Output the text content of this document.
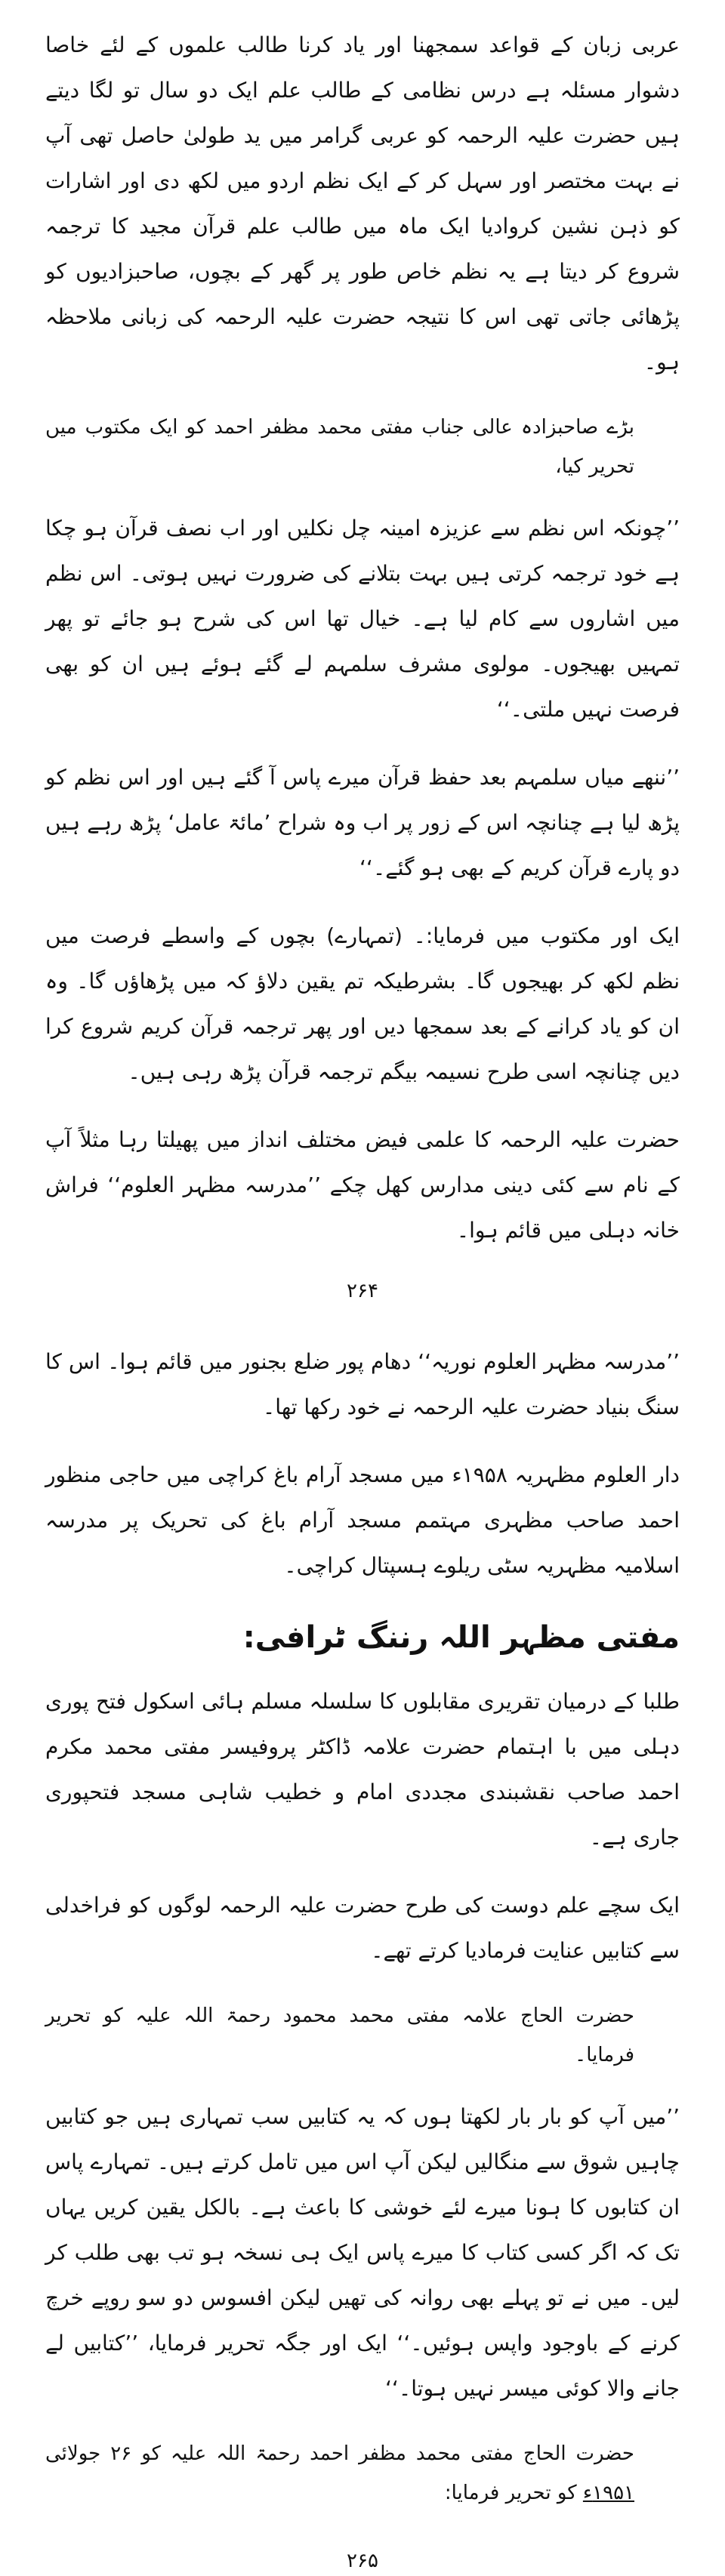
عربی زبان کے قواعد سمجھنا اور یاد کرنا طالب علموں کے لئے خاصا دشوار مسئلہ ہے درس نظامی کے طالب علم ایک دو سال تو لگا دیتے ہیں حضرت علیہ الرحمہ کو عربی گرامر میں ید طولیٰ حاصل تھی آپ نے بہت مختصر اور سہل کر کے ایک نظم اردو میں لکھ دی اور اشارات کو ذہن نشین کروادیا ایک ماہ میں طالب علم قرآن مجید کا ترجمہ شروع کر دیتا ہے یہ نظم خاص طور پر گھر کے بچوں، صاحبزادیوں کو پڑھائی جاتی تھی اس کا نتیجہ حضرت علیہ الرحمہ کی زبانی ملاحظہ ہو۔

بڑے صاحبزادہ عالی جناب مفتی محمد مظفر احمد کو ایک مکتوب میں تحریر کیا،

’’چونکہ اس نظم سے عزیزہ امینہ چل نکلیں اور اب نصف قرآن ہو چکا ہے خود ترجمہ کرتی ہیں بہت بتلانے کی ضرورت نہیں ہوتی۔ اس نظم میں اشاروں سے کام لیا ہے۔ خیال تھا اس کی شرح ہو جائے تو پھر تمہیں بھیجوں۔ مولوی مشرف سلمہم لے گئے ہوئے ہیں ان کو بھی فرصت نہیں ملتی۔‘‘

’’ننھے میاں سلمہم بعد حفظ قرآن میرے پاس آ گئے ہیں اور اس نظم کو پڑھ لیا ہے چنانچہ اس کے زور پر اب وہ شراح ’مائۃ عامل‘ پڑھ رہے ہیں دو پارے قرآن کریم کے بھی ہو گئے۔‘‘

ایک اور مکتوب میں فرمایا:۔ (تمہارے) بچوں کے واسطے فرصت میں نظم لکھ کر بھیجوں گا۔ بشرطیکہ تم یقین دلاؤ کہ میں پڑھاؤں گا۔ وہ ان کو یاد کرانے کے بعد سمجھا دیں اور پھر ترجمہ قرآن کریم شروع کرا دیں چنانچہ اسی طرح نسیمہ بیگم ترجمہ قرآن پڑھ رہی ہیں۔

حضرت علیہ الرحمہ کا علمی فیض مختلف انداز میں پھیلتا رہا مثلاً آپ کے نام سے کئی دینی مدارس کھل چکے ’’مدرسہ مظہر العلوم‘‘ فراش خانہ دہلی میں قائم ہوا۔

۲۶۴

’’مدرسہ مظہر العلوم نوریہ‘‘ دھام پور ضلع بجنور میں قائم ہوا۔ اس کا سنگ بنیاد حضرت علیہ الرحمہ نے خود رکھا تھا۔

دار العلوم مظہریہ ۱۹۵۸ء میں مسجد آرام باغ کراچی میں حاجی منظور احمد صاحب مظہری مہتمم مسجد آرام باغ کی تحریک پر مدرسہ اسلامیہ مظہریہ سٹی ریلوے ہسپتال کراچی۔

مفتی مظہر اللہ رننگ ٹرافی:

طلبا کے درمیان تقریری مقابلوں کا سلسلہ مسلم ہائی اسکول فتح پوری دہلی میں با اہتمام حضرت علامہ ڈاکٹر پروفیسر مفتی محمد مکرم احمد صاحب نقشبندی مجددی امام و خطیب شاہی مسجد فتحپوری جاری ہے۔

ایک سچے علم دوست کی طرح حضرت علیہ الرحمہ لوگوں کو فراخدلی سے کتابیں عنایت فرمادیا کرتے تھے۔

حضرت الحاج علامہ مفتی محمد محمود رحمۃ اللہ علیہ کو تحریر فرمایا۔

’’میں آپ کو بار بار لکھتا ہوں کہ یہ کتابیں سب تمہاری ہیں جو کتابیں چاہیں شوق سے منگالیں لیکن آپ اس میں تامل کرتے ہیں۔ تمہارے پاس ان کتابوں کا ہونا میرے لئے خوشی کا باعث ہے۔ بالکل یقین کریں یہاں تک کہ اگر کسی کتاب کا میرے پاس ایک ہی نسخہ ہو تب بھی طلب کر لیں۔ میں نے تو پہلے بھی روانہ کی تھیں لیکن افسوس دو سو روپے خرچ کرنے کے باوجود واپس ہوئیں۔‘‘ ایک اور جگہ تحریر فرمایا، ’’کتابیں لے جانے والا کوئی میسر نہیں ہوتا۔‘‘

حضرت الحاج مفتی محمد مظفر احمد رحمۃ اللہ علیہ کو ۲۶ جولائی ۱۹۵۱ء کو تحریر فرمایا:

۲۶۵
